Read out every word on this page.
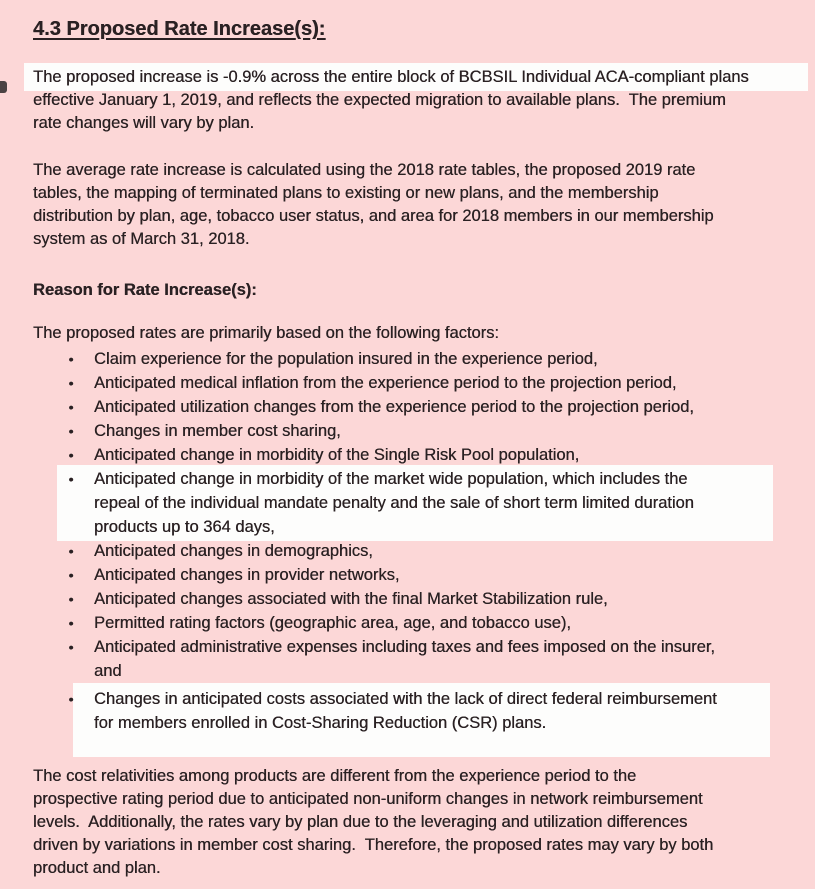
4.3 Proposed Rate Increase(s):
The proposed increase is -0.9% across the entire block of BCBSIL Individual ACA-compliant plans
effective January 1, 2019, and reflects the expected migration to available plans.  The premium
rate changes will vary by plan.
The average rate increase is calculated using the 2018 rate tables, the proposed 2019 rate
tables, the mapping of terminated plans to existing or new plans, and the membership
distribution by plan, age, tobacco user status, and area for 2018 members in our membership
system as of March 31, 2018.
Reason for Rate Increase(s):
The proposed rates are primarily based on the following factors:
• Claim experience for the population insured in the experience period,
• Anticipated medical inflation from the experience period to the projection period,
• Anticipated utilization changes from the experience period to the projection period,
• Changes in member cost sharing,
• Anticipated change in morbidity of the Single Risk Pool population,
• Anticipated change in morbidity of the market wide population, which includes the
repeal of the individual mandate penalty and the sale of short term limited duration
products up to 364 days,
• Anticipated changes in demographics,
• Anticipated changes in provider networks,
• Anticipated changes associated with the final Market Stabilization rule,
• Permitted rating factors (geographic area, age, and tobacco use),
• Anticipated administrative expenses including taxes and fees imposed on the insurer,
and
• Changes in anticipated costs associated with the lack of direct federal reimbursement
for members enrolled in Cost-Sharing Reduction (CSR) plans.
The cost relativities among products are different from the experience period to the
prospective rating period due to anticipated non-uniform changes in network reimbursement
levels.  Additionally, the rates vary by plan due to the leveraging and utilization differences
driven by variations in member cost sharing.  Therefore, the proposed rates may vary by both
product and plan.
